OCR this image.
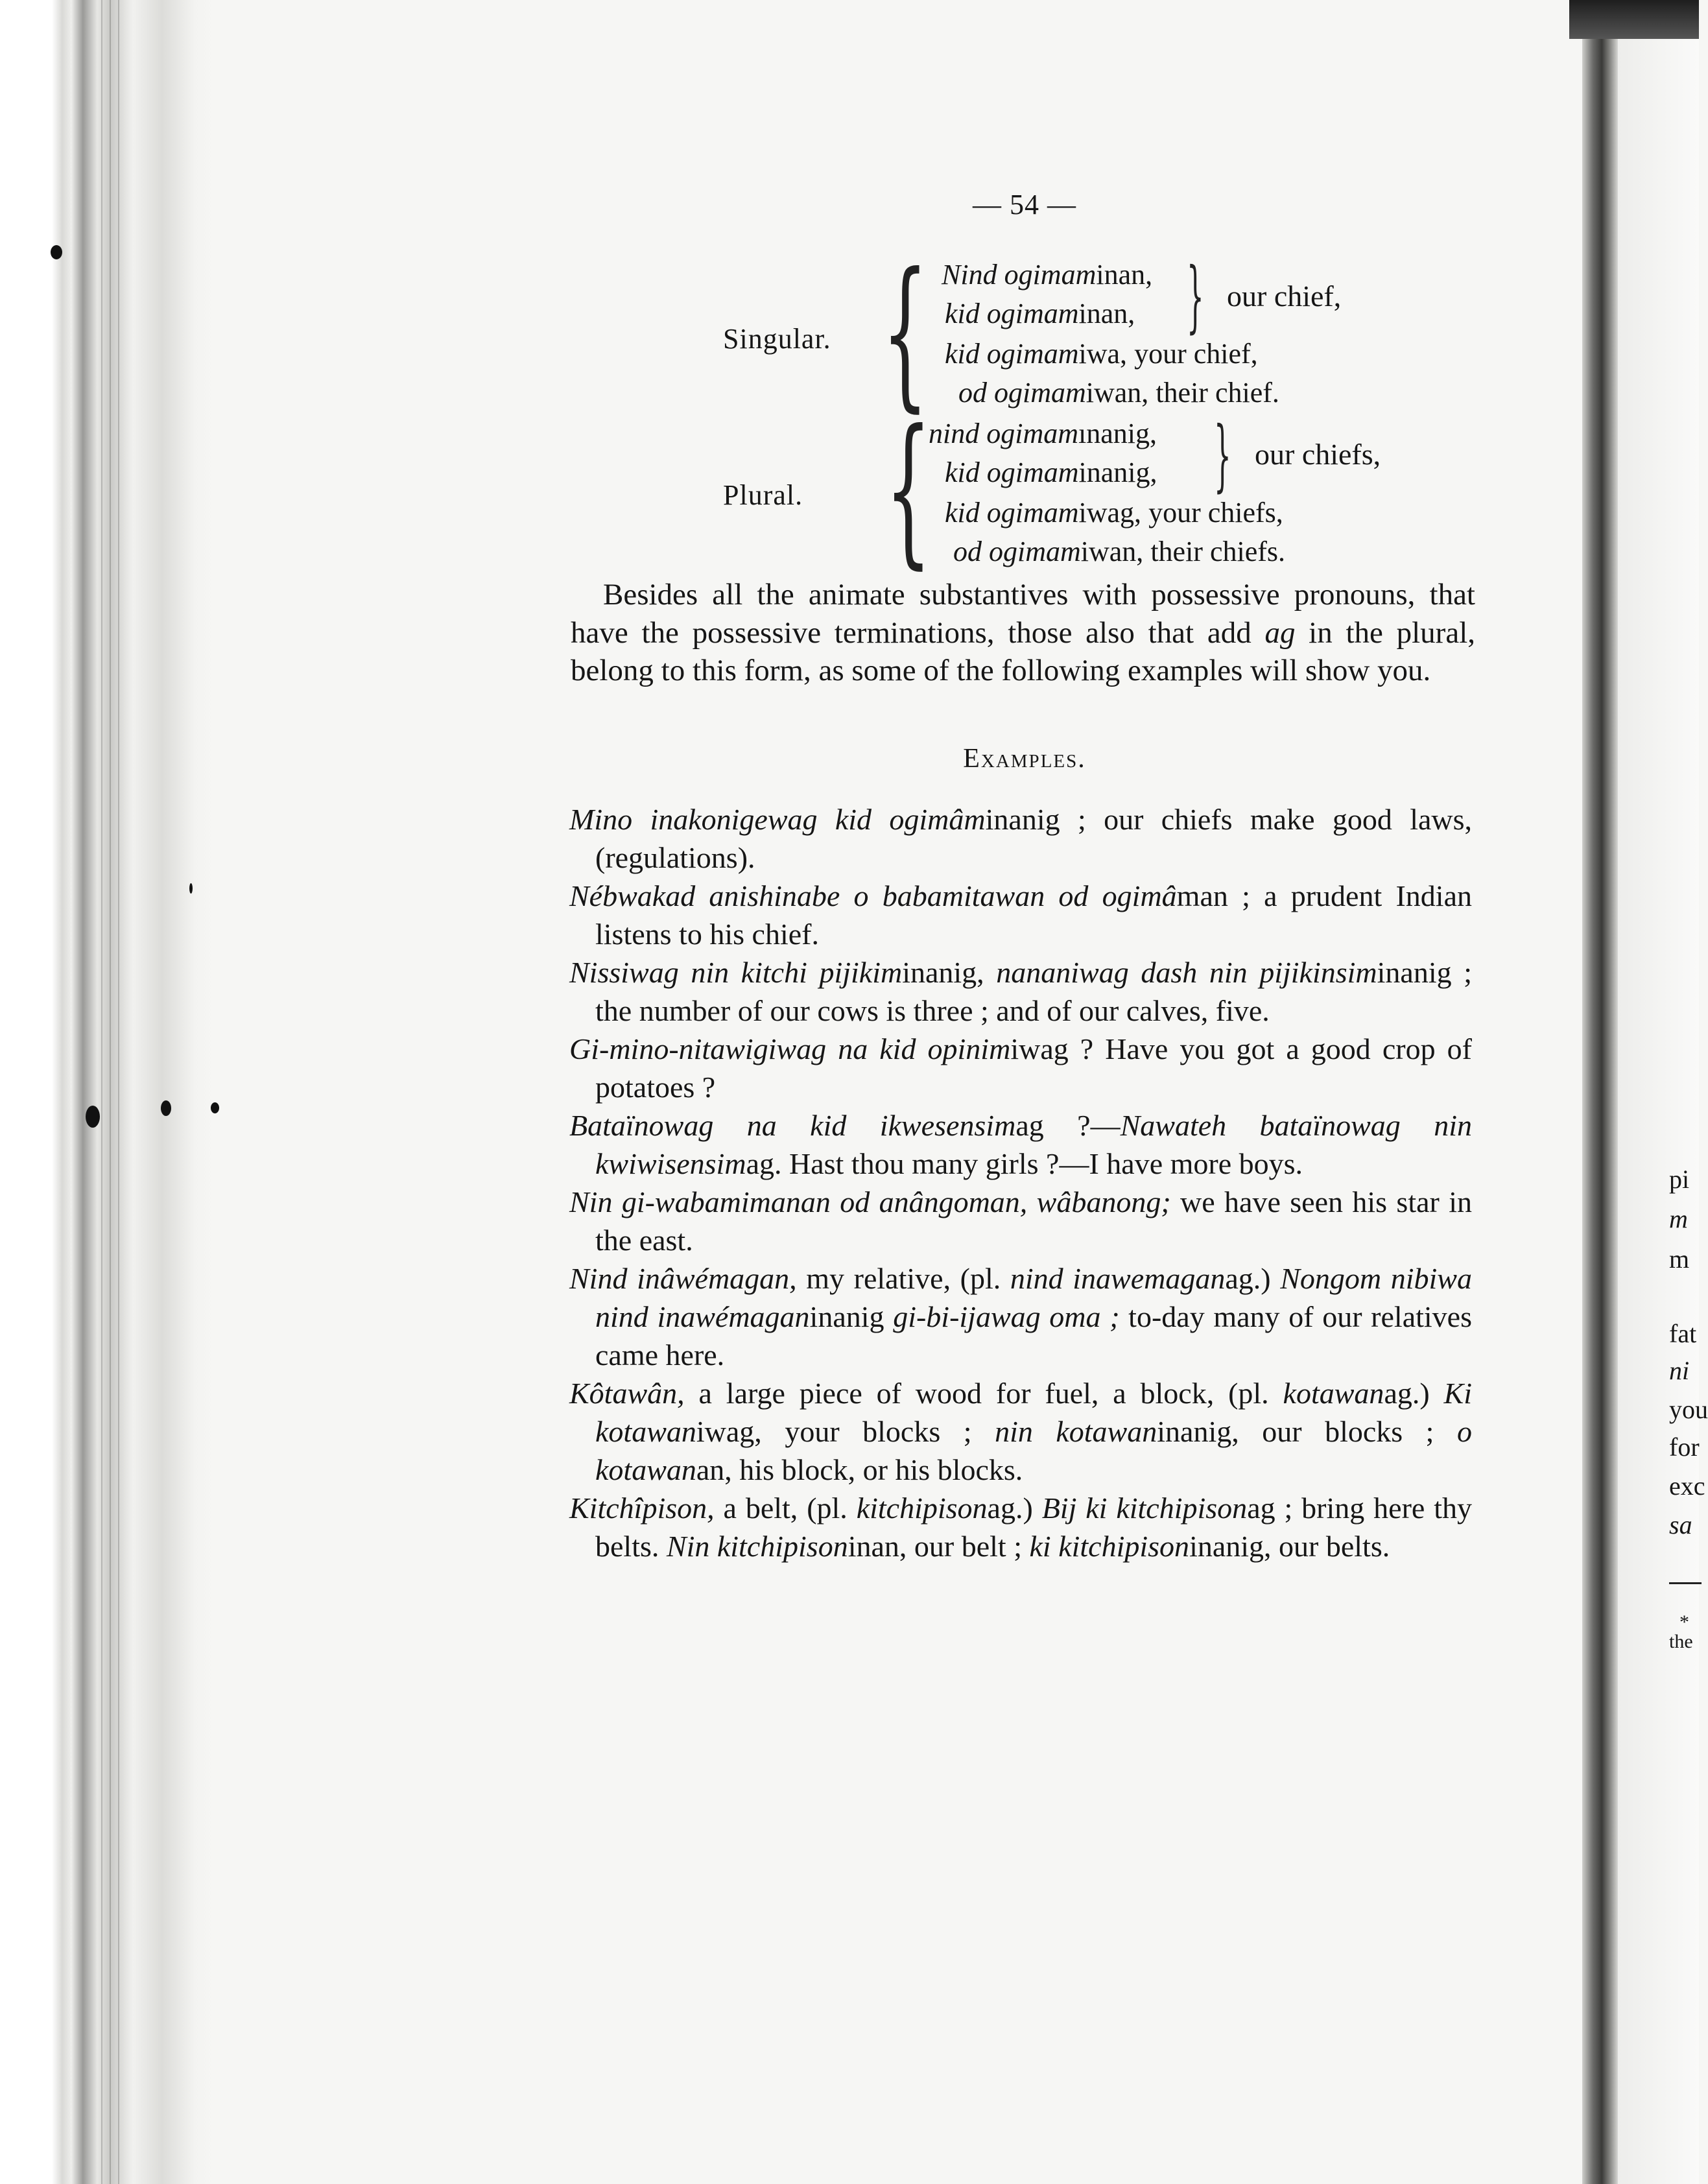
pi
m
m
fat
ni
you
for
exc
sa
*
the
— 54 —
Singular. { Nind ogimaminan,
kid ogimaminan, } our chief,
kid ogimamiwa, your chief,
od ogimamiwan, their chief.
Plural. {
nind ogimamınanig,
kid ogimaminanig, } our chiefs,
kid ogimamiwag, your chiefs,
od ogimamiwan, their chiefs.

Besides all the animate substantives with possessive pronouns, that have the possessive terminations, those also that add ag in the plural, belong to this form, as some of the following examples will show you.

Examples.
Mino inakonigewag kid ogimâminanig ; our chiefs make good laws, (regulations).
Nébwakad anishinabe o babamitawan od ogimâman ; a prudent Indian listens to his chief.
Nissiwag nin kitchi pijikiminanig, nananiwag dash nin pijikinsiminanig ; the number of our cows is three ; and of our calves, five.
Gi-mino-nitawigiwag na kid opinimiwag ? Have you got a good crop of potatoes ?
Bataïnowag na kid ikwesensimag ?—Nawateh bataïnowag nin kwiwisensimag. Hast thou many girls ?—I have more boys.
Nin gi-wabamimanan od anângoman, wâbanong; we have seen his star in the east.
Nind inâwémagan, my relative, (pl. nind inawemaganag.) Nongom nibiwa nind inawémaganinanig gi-bi-ijawag oma ; to-day many of our relatives came here.
Kôtawân, a large piece of wood for fuel, a block, (pl. kotawanag.) Ki kotawaniwag, your blocks ; nin kotawaninanig, our blocks ; o kotawanan, his block, or his blocks.
Kitchîpison, a belt, (pl. kitchipisonag.) Bij ki kitchipisonag ; bring here thy belts. Nin kitchipisoninan, our belt ; ki kitchipisoninanig, our belts.
